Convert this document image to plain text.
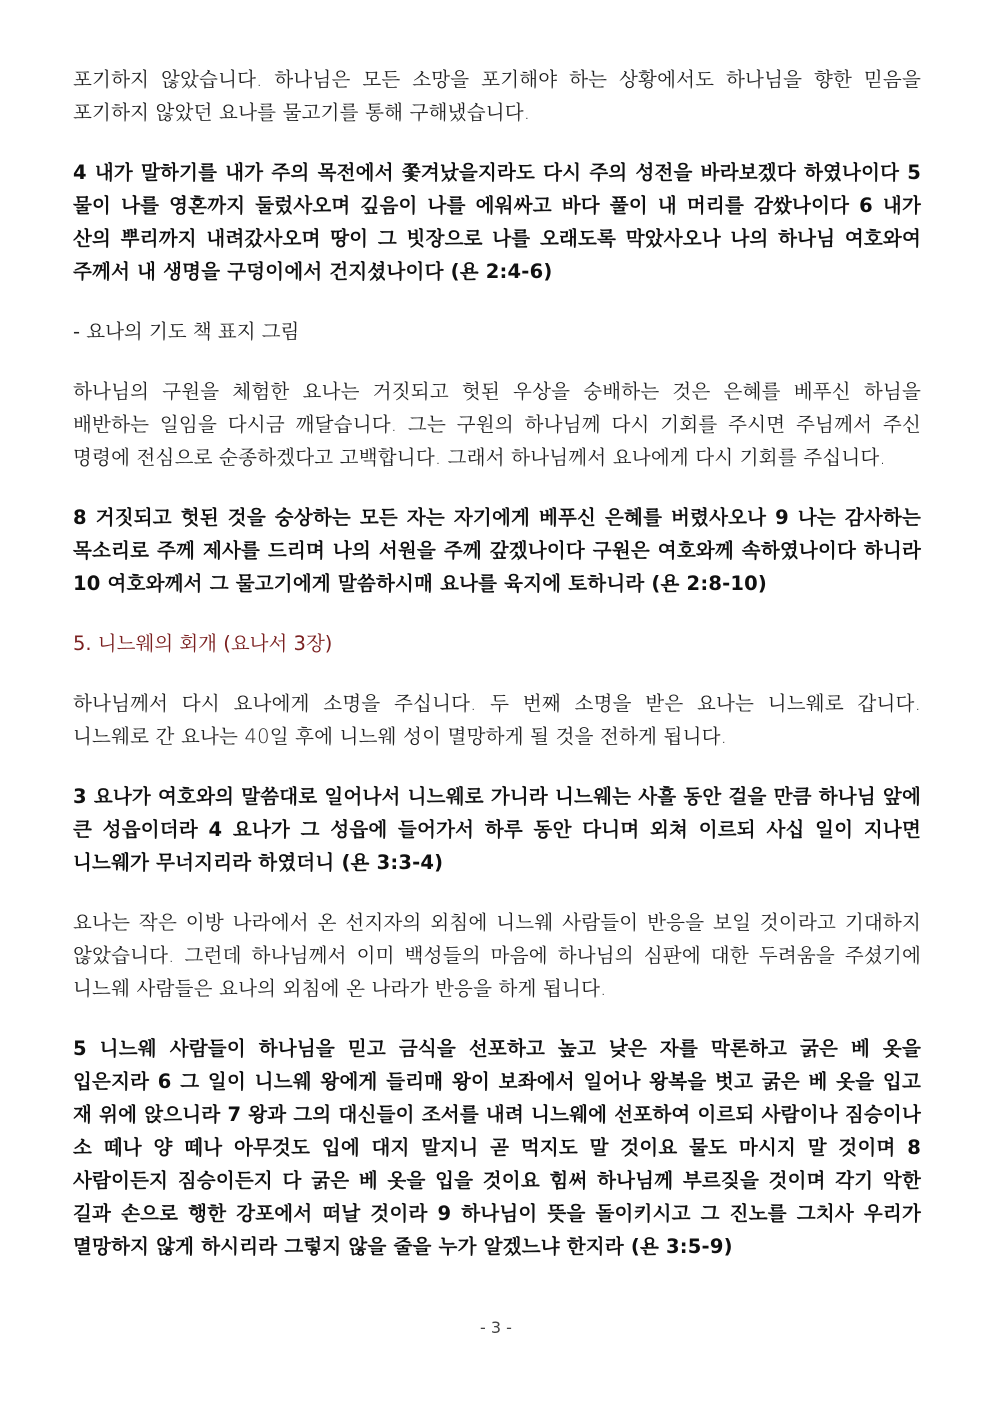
포기하지 않았습니다. 하나님은 모든 소망을 포기해야 하는 상황에서도 하나님을 향한 믿음을 포기하지 않았던 요나를 물고기를 통해 구해냈습니다.

4 내가 말하기를 내가 주의 목전에서 쫓겨났을지라도 다시 주의 성전을 바라보겠다 하였나이다 5 물이 나를 영혼까지 둘렀사오며 깊음이 나를 에워싸고 바다 풀이 내 머리를 감쌌나이다 6 내가 산의 뿌리까지 내려갔사오며 땅이 그 빗장으로 나를 오래도록 막았사오나 나의 하나님 여호와여 주께서 내 생명을 구덩이에서 건지셨나이다 (욘 2:4-6)

- 요나의 기도 책 표지 그림

하나님의 구원을 체험한 요나는 거짓되고 헛된 우상을 숭배하는 것은 은혜를 베푸신 하님을 배반하는 일임을 다시금 깨달습니다. 그는 구원의 하나님께 다시 기회를 주시면 주님께서 주신 명령에 전심으로 순종하겠다고 고백합니다. 그래서 하나님께서 요나에게 다시 기회를 주십니다.

8 거짓되고 헛된 것을 숭상하는 모든 자는 자기에게 베푸신 은혜를 버렸사오나 9 나는 감사하는 목소리로 주께 제사를 드리며 나의 서원을 주께 갚겠나이다 구원은 여호와께 속하였나이다 하니라 10 여호와께서 그 물고기에게 말씀하시매 요나를 육지에 토하니라 (욘 2:8-10)

5. 니느웨의 회개 (요나서 3장)

하나님께서 다시 요나에게 소명을 주십니다. 두 번째 소명을 받은 요나는 니느웨로 갑니다. 니느웨로 간 요나는 40일 후에 니느웨 성이 멸망하게 될 것을 전하게 됩니다.

3 요나가 여호와의 말씀대로 일어나서 니느웨로 가니라 니느웨는 사흘 동안 걸을 만큼 하나님 앞에 큰 성읍이더라 4 요나가 그 성읍에 들어가서 하루 동안 다니며 외쳐 이르되 사십 일이 지나면 니느웨가 무너지리라 하였더니 (욘 3:3-4)

요나는 작은 이방 나라에서 온 선지자의 외침에 니느웨 사람들이 반응을 보일 것이라고 기대하지 않았습니다. 그런데 하나님께서 이미 백성들의 마음에 하나님의 심판에 대한 두려움을 주셨기에 니느웨 사람들은 요나의 외침에 온 나라가 반응을 하게 됩니다.

5 니느웨 사람들이 하나님을 믿고 금식을 선포하고 높고 낮은 자를 막론하고 굵은 베 옷을 입은지라 6 그 일이 니느웨 왕에게 들리매 왕이 보좌에서 일어나 왕복을 벗고 굵은 베 옷을 입고 재 위에 앉으니라 7 왕과 그의 대신들이 조서를 내려 니느웨에 선포하여 이르되 사람이나 짐승이나 소 떼나 양 떼나 아무것도 입에 대지 말지니 곧 먹지도 말 것이요 물도 마시지 말 것이며 8 사람이든지 짐승이든지 다 굵은 베 옷을 입을 것이요 힘써 하나님께 부르짖을 것이며 각기 악한 길과 손으로 행한 강포에서 떠날 것이라 9 하나님이 뜻을 돌이키시고 그 진노를 그치사 우리가 멸망하지 않게 하시리라 그렇지 않을 줄을 누가 알겠느냐 한지라 (욘 3:5-9)

- 3 -
